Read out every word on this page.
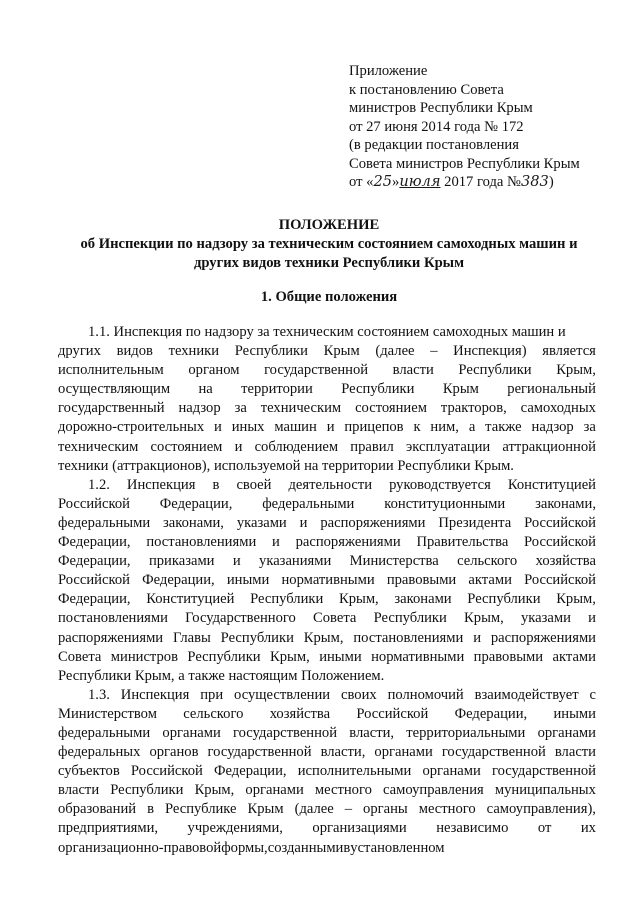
Приложение
к постановлению Совета
министров Республики Крым
от 27 июня 2014 года № 172
(в редакции постановления
Совета министров Республики Крым
от «25»июля 2017 года №383)
ПОЛОЖЕНИЕ
об Инспекции по надзору за техническим состоянием самоходных машин и
других видов техники Республики Крым
1. Общие положения
1.1. Инспекция по надзору за техническим состоянием самоходных машин и
других видов техники Республики Крым (далее – Инспекция) является
исполнительным органом государственной власти Республики Крым,
осуществляющим на территории Республики Крым региональный
государственный надзор за техническим состоянием тракторов, самоходных
дорожно-строительных и иных машин и прицепов к ним, а также надзор за
техническим состоянием и соблюдением правил эксплуатации аттракционной
техники (аттракционов), используемой на территории Республики Крым.
1.2. Инспекция в своей деятельности руководствуется Конституцией
Российской Федерации, федеральными конституционными законами,
федеральными законами, указами и распоряжениями Президента Российской
Федерации, постановлениями и распоряжениями Правительства Российской
Федерации, приказами и указаниями Министерства сельского хозяйства
Российской Федерации, иными нормативными правовыми актами Российской
Федерации, Конституцией Республики Крым, законами Республики Крым,
постановлениями Государственного Совета Республики Крым, указами и
распоряжениями Главы Республики Крым, постановлениями и распоряжениями
Совета министров Республики Крым, иными нормативными правовыми актами
Республики Крым, а также настоящим Положением.
1.3. Инспекция при осуществлении своих полномочий взаимодействует с
Министерством сельского хозяйства Российской Федерации, иными
федеральными органами государственной власти, территориальными органами
федеральных органов государственной власти, органами государственной власти
субъектов Российской Федерации, исполнительными органами государственной
власти Республики Крым, органами местного самоуправления муниципальных
образований в Республике Крым (далее – органы местного самоуправления),
предприятиями, учреждениями, организациями независимо от их
организационно-правовой формы, созданными в установленном
